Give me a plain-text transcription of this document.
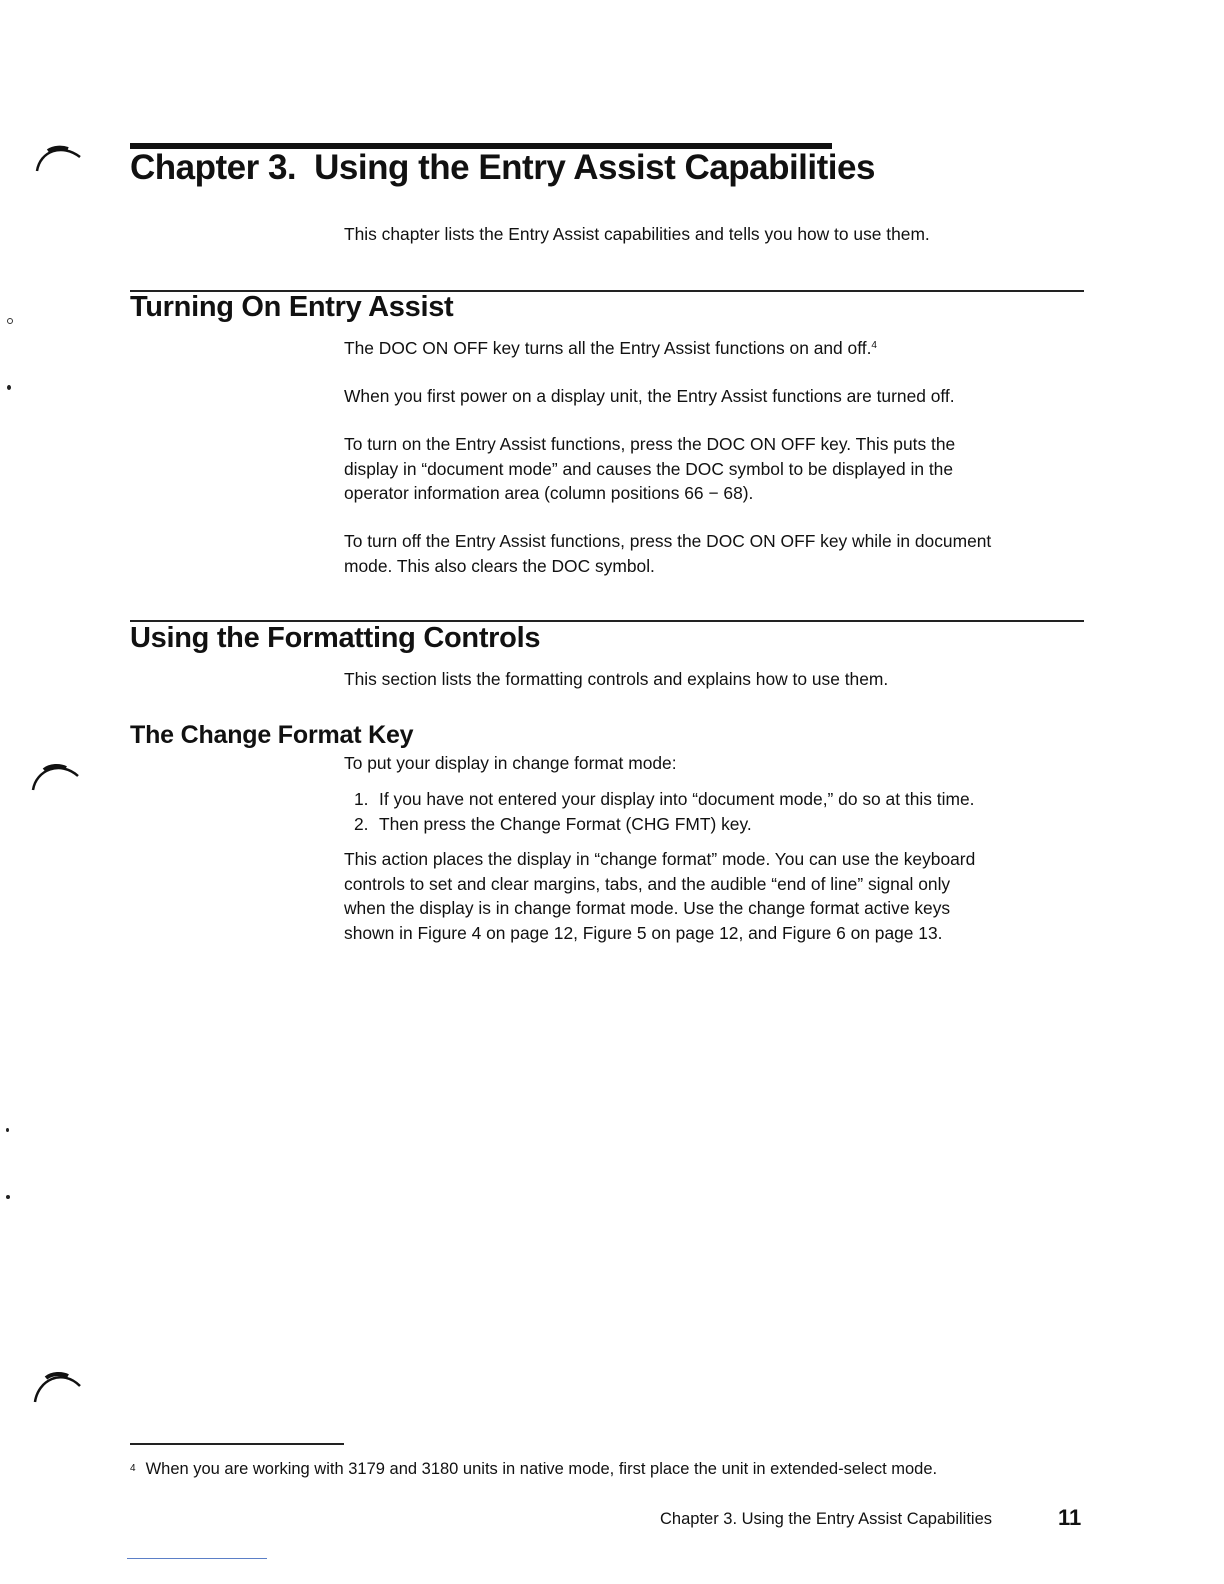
Chapter 3. Using the Entry Assist Capabilities
This chapter lists the Entry Assist capabilities and tells you how to use them.
Turning On Entry Assist
The DOC ON OFF key turns all the Entry Assist functions on and off.$^4$
When you first power on a display unit, the Entry Assist functions are turned off.

To turn on the Entry Assist functions, press the DOC ON OFF key. This puts the

display in “document mode” and causes the DOC symbol to be displayed in the

operator information area (column positions 66 − 68).

To turn off the Entry Assist functions, press the DOC ON OFF key while in document

mode. This also clears the DOC symbol.

Using the Formatting Controls
This section lists the formatting controls and explains how to use them.
The Change Format Key
To put your display in change format mode:
1. If you have not entered your display into “document mode,” do so at this time.
2. Then press the Change Format (CHG FMT) key.

This action places the display in “change format” mode. You can use the keyboard

controls to set and clear margins, tabs, and the audible “end of line” signal only

when the display is in change format mode. Use the change format active keys

shown in Figure 4 on page 12, Figure 5 on page 12, and Figure 6 on page 13.

4 When you are working with 3179 and 3180 units in native mode, first place the unit in extended-select mode.
Chapter 3. Using the Entry Assist Capabilities	11
